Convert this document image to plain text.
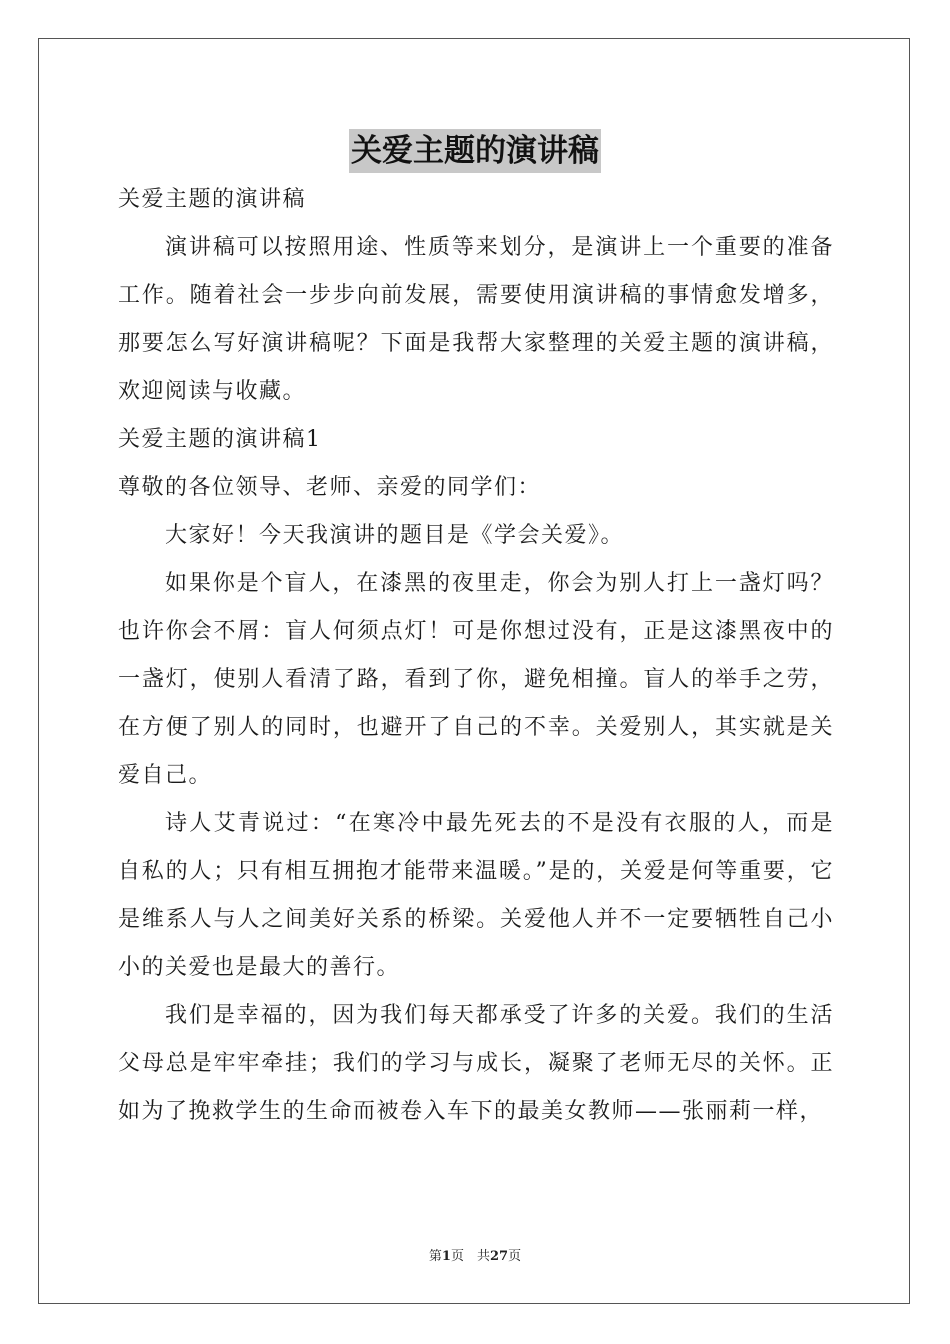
关爱主题的演讲稿

关爱主题的演讲稿

演讲稿可以按照用途、性质等来划分，是演讲上一个重要的准备工作。随着社会一步步向前发展，需要使用演讲稿的事情愈发增多，那要怎么写好演讲稿呢？下面是我帮大家整理的关爱主题的演讲稿，欢迎阅读与收藏。

关爱主题的演讲稿1

尊敬的各位领导、老师、亲爱的同学们：

大家好！今天我演讲的题目是《学会关爱》。

如果你是个盲人，在漆黑的夜里走，你会为别人打上一盏灯吗？也许你会不屑：盲人何须点灯！可是你想过没有，正是这漆黑夜中的一盏灯，使别人看清了路，看到了你，避免相撞。盲人的举手之劳，在方便了别人的同时，也避开了自己的不幸。关爱别人，其实就是关爱自己。

诗人艾青说过：“在寒冷中最先死去的不是没有衣服的人，而是自私的人；只有相互拥抱才能带来温暖。”是的，关爱是何等重要，它是维系人与人之间美好关系的桥梁。关爱他人并不一定要牺牲自己小小的关爱也是最大的善行。

我们是幸福的，因为我们每天都承受了许多的关爱。我们的生活父母总是牢牢牵挂；我们的学习与成长，凝聚了老师无尽的关怀。正如为了挽救学生的生命而被卷入车下的最美女教师——张丽莉一样，

第1页　共27页
